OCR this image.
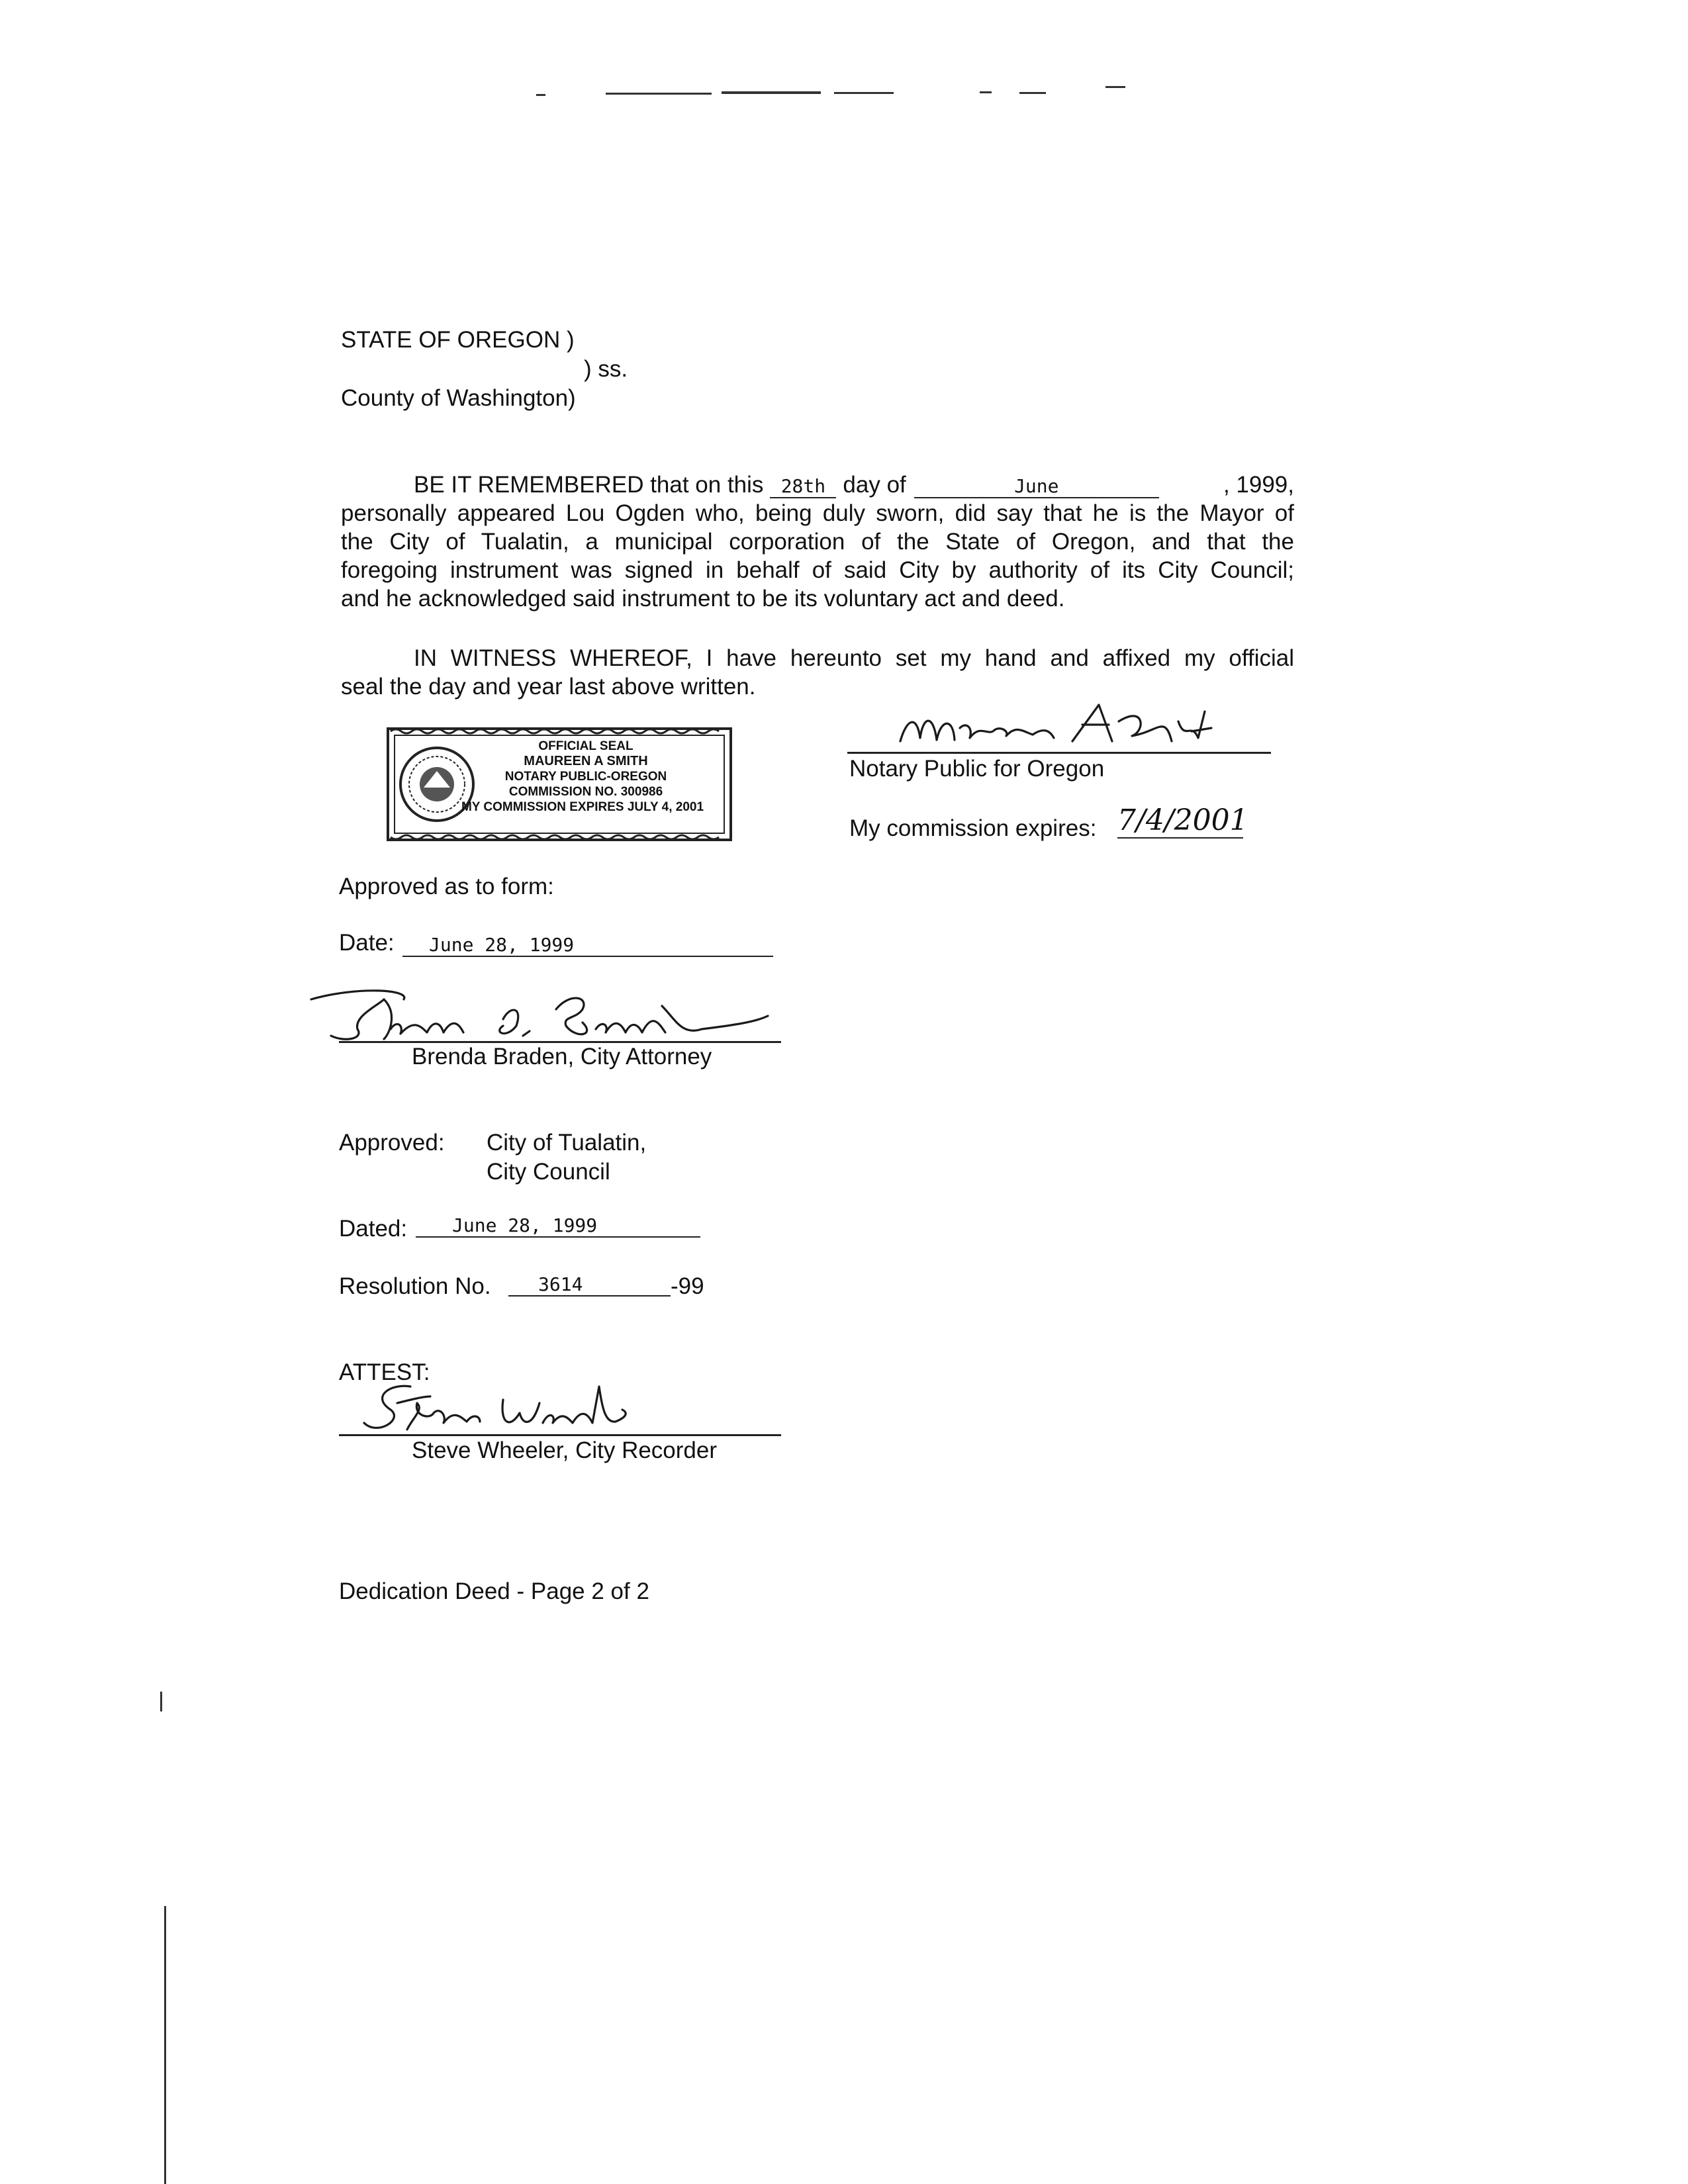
STATE OF OREGON )
) ss.
County of Washington)
BE IT REMEMBERED that on this 28th day of	June	, 1999,
personally appeared Lou Ogden who, being duly sworn, did say that he is the Mayor of
the City of Tualatin, a municipal corporation of the State of Oregon, and that the
foregoing instrument was signed in behalf of said City by authority of its City Council;
and he acknowledged said instrument to be its voluntary act and deed.
IN WITNESS WHEREOF, I have hereunto set my hand and affixed my official
seal the day and year last above written.
OFFICIAL SEAL
MAUREEN A SMITH
NOTARY PUBLIC-OREGON
COMMISSION NO. 300986
MY COMMISSION EXPIRES JULY 4, 2001
Notary Public for Oregon
My commission expires: 7/4/2001
Approved as to form:
Date:	June 28, 1999
Brenda Braden, City Attorney
Approved: City of Tualatin,
City Council
Dated:	June 28, 1999
Resolution No.	3614	-99
ATTEST:
Steve Wheeler, City Recorder
Dedication Deed - Page 2 of 2
